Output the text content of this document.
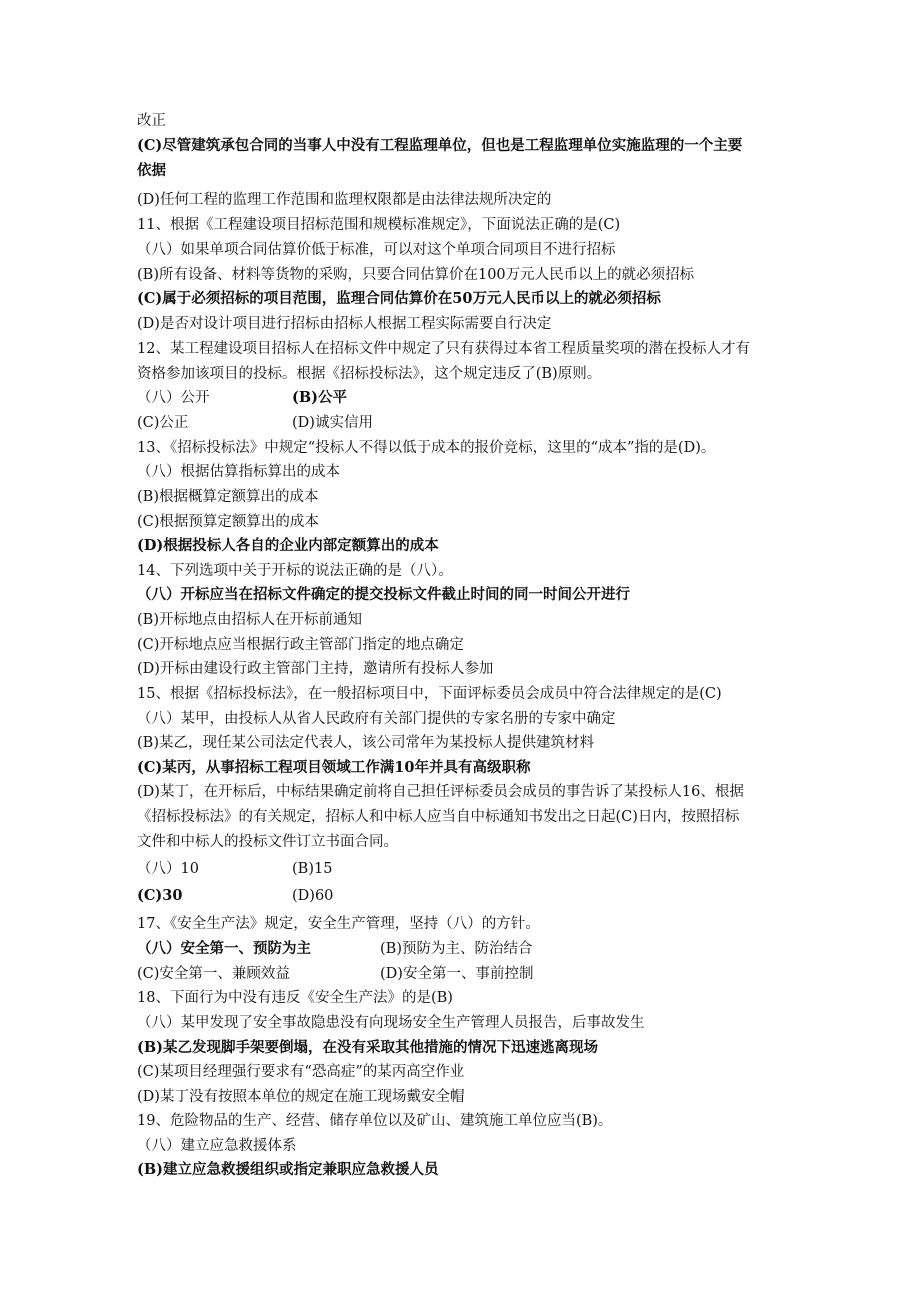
改正
(C)尽管建筑承包合同的当事人中没有工程监理单位，但也是工程监理单位实施监理的一个主要
依据
(D)任何工程的监理工作范围和监理权限都是由法律法规所决定的
11、根据《工程建设项目招标范围和规模标准规定》，下面说法正确的是(C)
（八）如果单项合同估算价低于标准，可以对这个单项合同项目不进行招标
(B)所有设备、材料等货物的采购，只要合同估算价在100万元人民币以上的就必须招标
(C)属于必须招标的项目范围，监理合同估算价在50万元人民币以上的就必须招标
(D)是否对设计项目进行招标由招标人根据工程实际需要自行决定
12、某工程建设项目招标人在招标文件中规定了只有获得过本省工程质量奖项的潜在投标人才有
资格参加该项目的投标。根据《招标投标法》，这个规定违反了(B)原则。
（八）公开	(B)公平
(C)公正	(D)诚实信用
13、《招标投标法》中规定“投标人不得以低于成本的报价竞标，这里的“成本”指的是(D)。
（八）根据估算指标算出的成本
(B)根据概算定额算出的成本
(C)根据预算定额算出的成本
(D)根据投标人各自的企业内部定额算出的成本
14、下列选项中关于开标的说法正确的是（八）。
（八）开标应当在招标文件确定的提交投标文件截止时间的同一时间公开进行
(B)开标地点由招标人在开标前通知
(C)开标地点应当根据行政主管部门指定的地点确定
(D)开标由建设行政主管部门主持，邀请所有投标人参加
15、根据《招标投标法》，在一般招标项目中，下面评标委员会成员中符合法律规定的是(C)
（八）某甲，由投标人从省人民政府有关部门提供的专家名册的专家中确定
(B)某乙，现任某公司法定代表人，该公司常年为某投标人提供建筑材料
(C)某丙，从事招标工程项目领域工作满10年并具有高级职称
(D)某丁，在开标后，中标结果确定前将自己担任评标委员会成员的事告诉了某投标人16、根据
《招标投标法》的有关规定，招标人和中标人应当自中标通知书发出之日起(C)日内，按照招标
文件和中标人的投标文件订立书面合同。
（八）10	(B)15
(C)30	(D)60
17、《安全生产法》规定，安全生产管理，坚持（八）的方针。
（八）安全第一、预防为主	(B)预防为主、防治结合
(C)安全第一、兼顾效益	(D)安全第一、事前控制
18、下面行为中没有违反《安全生产法》的是(B)
（八）某甲发现了安全事故隐患没有向现场安全生产管理人员报告，后事故发生
(B)某乙发现脚手架要倒塌，在没有采取其他措施的情况下迅速逃离现场
(C)某项目经理强行要求有“恐高症”的某丙高空作业
(D)某丁没有按照本单位的规定在施工现场戴安全帽
19、危险物品的生产、经营、储存单位以及矿山、建筑施工单位应当(B)。
（八）建立应急救援体系
(B)建立应急救援组织或指定兼职应急救援人员
